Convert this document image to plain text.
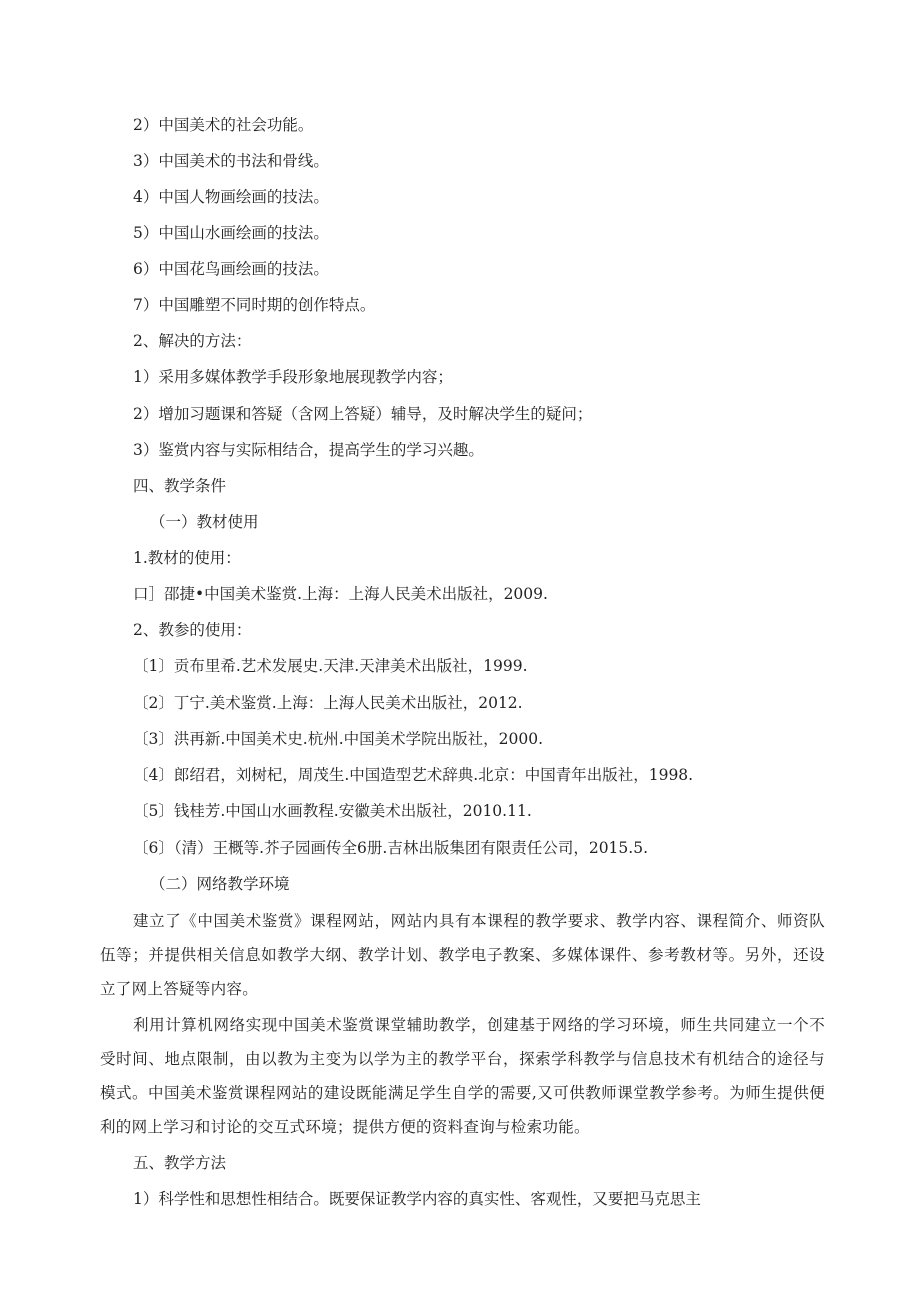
2）中国美术的社会功能。
3）中国美术的书法和骨线。
4）中国人物画绘画的技法。
5）中国山水画绘画的技法。
6）中国花鸟画绘画的技法。
7）中国雕塑不同时期的创作特点。
2、解决的方法：
1）采用多媒体教学手段形象地展现教学内容；
2）增加习题课和答疑（含网上答疑）辅导，及时解决学生的疑问；
3）鉴赏内容与实际相结合，提高学生的学习兴趣。
四、教学条件
（一）教材使用
1.教材的使用：
口］邵捷•中国美术鉴赏.上海：上海人民美术出版社，2009.
2、教参的使用：
〔1〕贡布里希.艺术发展史.天津.天津美术出版社，1999.
〔2〕丁宁.美术鉴赏.上海：上海人民美术出版社，2012.
〔3〕洪再新.中国美术史.杭州.中国美术学院出版社，2000.
〔4〕郎绍君，刘树杞，周茂生.中国造型艺术辞典.北京：中国青年出版社，1998.
〔5〕钱桂芳.中国山水画教程.安徽美术出版社，2010.11.
〔6〕（清）王概等.芥子园画传全6册.吉林出版集团有限责任公司，2015.5.
（二）网络教学环境
建立了《中国美术鉴赏》课程网站，网站内具有本课程的教学要求、教学内容、课程简介、师资队伍等；并提供相关信息如教学大纲、教学计划、教学电子教案、多媒体课件、参考教材等。另外，还设立了网上答疑等内容。
利用计算机网络实现中国美术鉴赏课堂辅助教学，创建基于网络的学习环境，师生共同建立一个不受时间、地点限制，由以教为主变为以学为主的教学平台，探索学科教学与信息技术有机结合的途径与模式。中国美术鉴赏课程网站的建设既能满足学生自学的需要,又可供教师课堂教学参考。为师生提供便利的网上学习和讨论的交互式环境；提供方便的资料查询与检索功能。
五、教学方法
1）科学性和思想性相结合。既要保证教学内容的真实性、客观性，又要把马克思主
